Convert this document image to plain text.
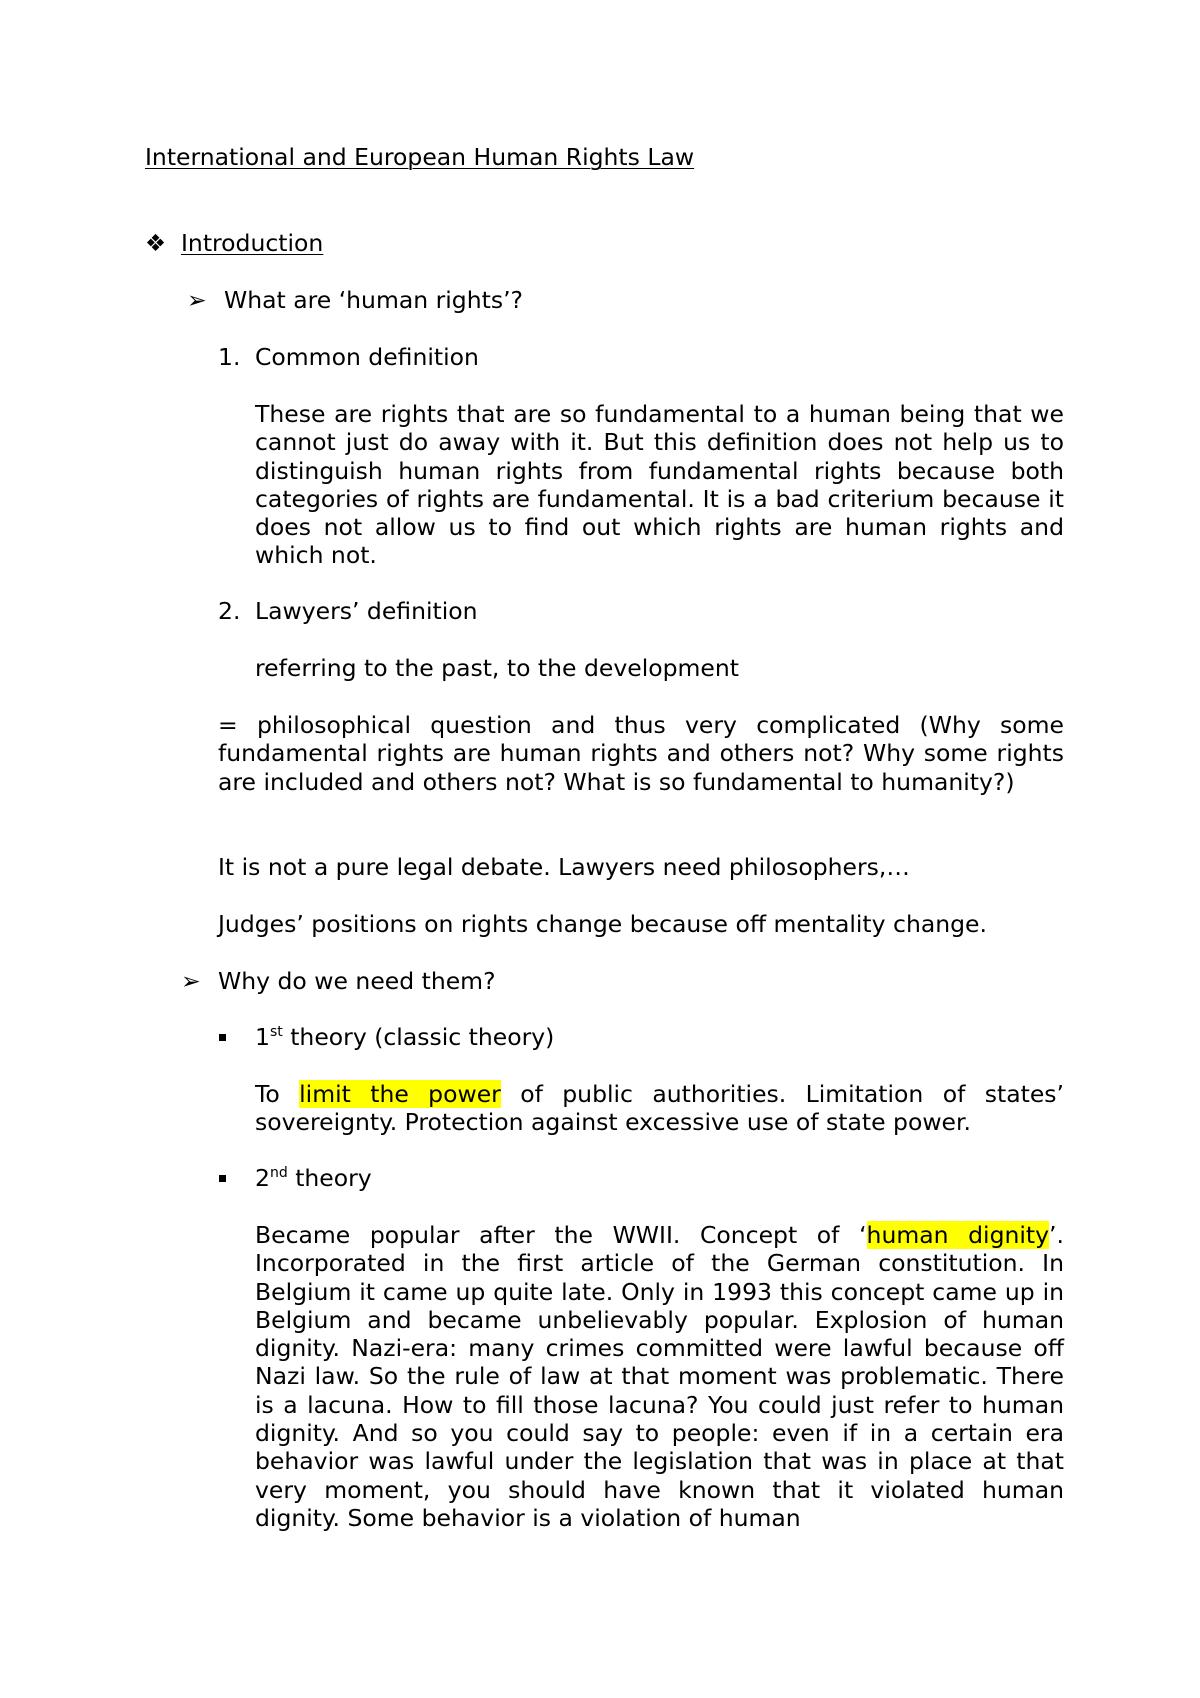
International and European Human Rights Law
❖ Introduction
➢ What are ‘human rights’?
1. Common definition
These are rights that are so fundamental to a human being that we cannot just do away with it. But this definition does not help us to distinguish human rights from fundamental rights because both categories of rights are fundamental. It is a bad criterium because it does not allow us to find out which rights are human rights and which not.
2. Lawyers’ definition
referring to the past, to the development
= philosophical question and thus very complicated (Why some fundamental rights are human rights and others not? Why some rights are included and others not? What is so fundamental to humanity?)
It is not a pure legal debate. Lawyers need philosophers,…
Judges’ positions on rights change because off mentality change.
➢ Why do we need them?
1st theory (classic theory)
To limit the power of public authorities. Limitation of states’ sovereignty. Protection against excessive use of state power.
2nd theory
Became popular after the WWII. Concept of ‘human dignity’. Incorporated in the first article of the German constitution. In Belgium it came up quite late. Only in 1993 this concept came up in Belgium and became unbelievably popular. Explosion of human dignity. Nazi-era: many crimes committed were lawful because off Nazi law. So the rule of law at that moment was problematic. There is a lacuna. How to fill those lacuna? You could just refer to human dignity. And so you could say to people: even if in a certain era behavior was lawful under the legislation that was in place at that very moment, you should have known that it violated human dignity. Some behavior is a violation of human
